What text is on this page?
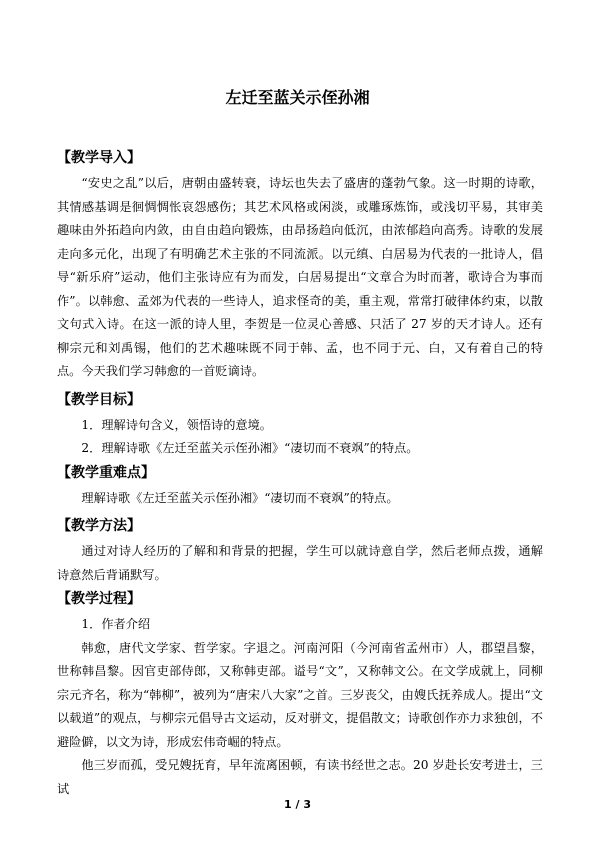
左迁至蓝关示侄孙湘
【教学导入】

“安史之乱”以后，唐朝由盛转衰，诗坛也失去了盛唐的蓬勃气象。这一时期的诗歌，其情感基调是徊惆惆怅哀怨感伤；其艺术风格或闲淡，或雕琢炼饰，或浅切平易，其审美趣味由外拓趋向内敛，由自由趋向锻炼，由昂扬趋向低沉，由浓郁趋向高秀。诗歌的发展走向多元化，出现了有明确艺术主张的不同流派。以元缜、白居易为代表的一批诗人，倡导“新乐府”运动，他们主张诗应有为而发，白居易提出“文章合为时而著，歌诗合为事而作”。以韩愈、孟郊为代表的一些诗人，追求怪奇的美，重主观，常常打破律体约束，以散文句式入诗。在这一派的诗人里，李贺是一位灵心善感、只活了 27 岁的天才诗人。还有柳宗元和刘禹锡，他们的艺术趣味既不同于韩、孟，也不同于元、白，又有着自己的特点。今天我们学习韩愈的一首贬谪诗。

【教学目标】
1．理解诗句含义，领悟诗的意境。
2．理解诗歌《左迁至蓝关示侄孙湘》“凄切而不衰飒”的特点。
【教学重难点】

理解诗歌《左迁至蓝关示侄孙湘》“凄切而不衰飒”的特点。

【教学方法】

通过对诗人经历的了解和和背景的把握，学生可以就诗意自学，然后老师点拨，通解诗意然后背诵默写。

【教学过程】
1．作者介绍

韩愈，唐代文学家、哲学家。字退之。河南河阳（今河南省孟州市）人，郡望昌黎，世称韩昌黎。因官吏部侍郎，又称韩吏部。谥号“文”，又称韩文公。在文学成就上，同柳宗元齐名，称为“韩柳”，被列为“唐宋八大家”之首。三岁丧父，由嫂氏抚养成人。提出“文以载道”的观点，与柳宗元倡导古文运动，反对骈文，提倡散文；诗歌创作亦力求独创，不避险僻，以文为诗，形成宏伟奇崛的特点。

他三岁而孤，受兄嫂抚育，早年流离困顿，有读书经世之志。20 岁赴长安考进士，三试

1 / 3
